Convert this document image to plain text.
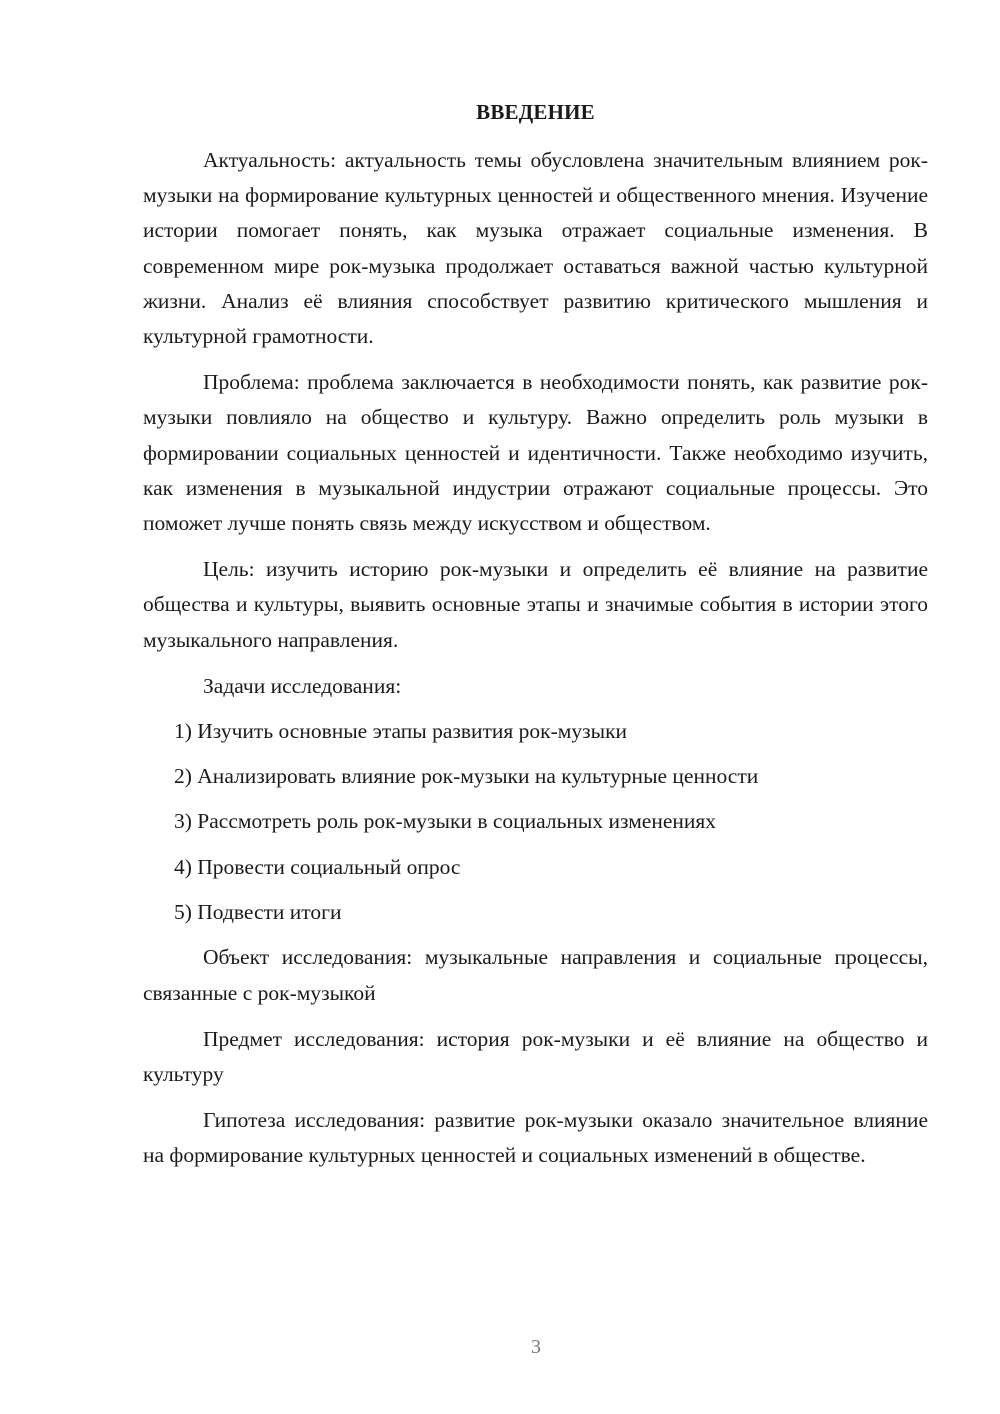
ВВЕДЕНИЕ

Актуальность: актуальность темы обусловлена значительным влиянием рок-музыки на формирование культурных ценностей и общественного мнения. Изучение истории помогает понять, как музыка отражает социальные изменения. В современном мире рок-музыка продолжает оставаться важной частью культурной жизни. Анализ её влияния способствует развитию критического мышления и культурной грамотности.

Проблема: проблема заключается в необходимости понять, как развитие рок-музыки повлияло на общество и культуру. Важно определить роль музыки в формировании социальных ценностей и идентичности. Также необходимо изучить, как изменения в музыкальной индустрии отражают социальные процессы. Это поможет лучше понять связь между искусством и обществом.

Цель: изучить историю рок-музыки и определить её влияние на развитие общества и культуры, выявить основные этапы и значимые события в истории этого музыкального направления.

Задачи исследования:

1) Изучить основные этапы развития рок-музыки

2) Анализировать влияние рок-музыки на культурные ценности

3) Рассмотреть роль рок-музыки в социальных изменениях

4) Провести социальный опрос

5) Подвести итоги

Объект исследования: музыкальные направления и социальные процессы, связанные с рок-музыкой

Предмет исследования: история рок-музыки и её влияние на общество и культуру

Гипотеза исследования: развитие рок-музыки оказало значительное влияние на формирование культурных ценностей и социальных изменений в обществе.

3
